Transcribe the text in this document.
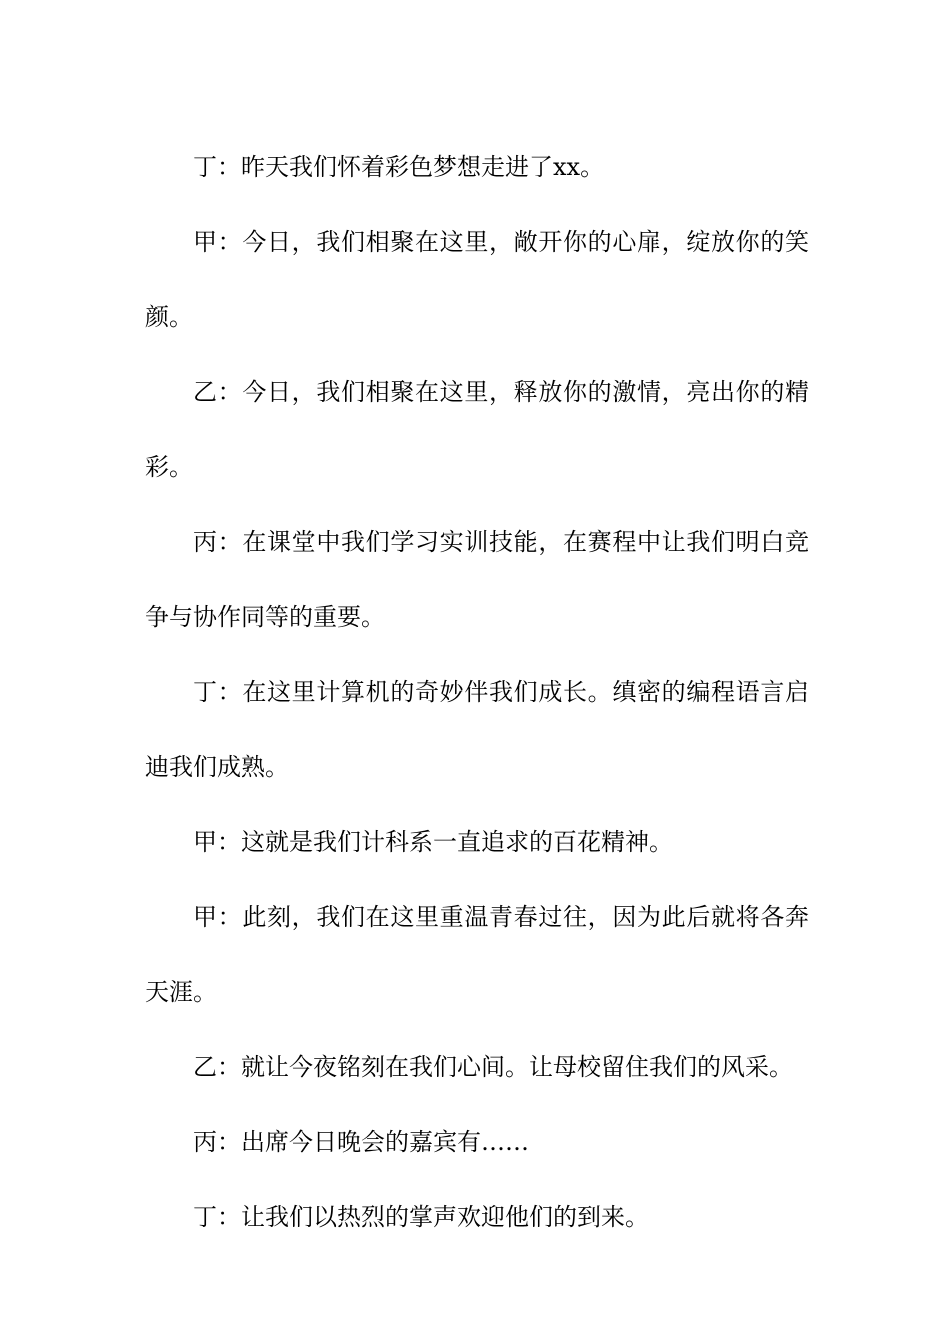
丁：昨天我们怀着彩色梦想走进了xx。

甲：今日，我们相聚在这里，敞开你的心扉，绽放你的笑颜。

乙：今日，我们相聚在这里，释放你的激情，亮出你的精彩。

丙：在课堂中我们学习实训技能，在赛程中让我们明白竞争与协作同等的重要。

丁：在这里计算机的奇妙伴我们成长。缜密的编程语言启迪我们成熟。

甲：这就是我们计科系一直追求的百花精神。

甲：此刻，我们在这里重温青春过往，因为此后就将各奔天涯。

乙：就让今夜铭刻在我们心间。让母校留住我们的风采。

丙：出席今日晚会的嘉宾有……

丁：让我们以热烈的掌声欢迎他们的到来。
